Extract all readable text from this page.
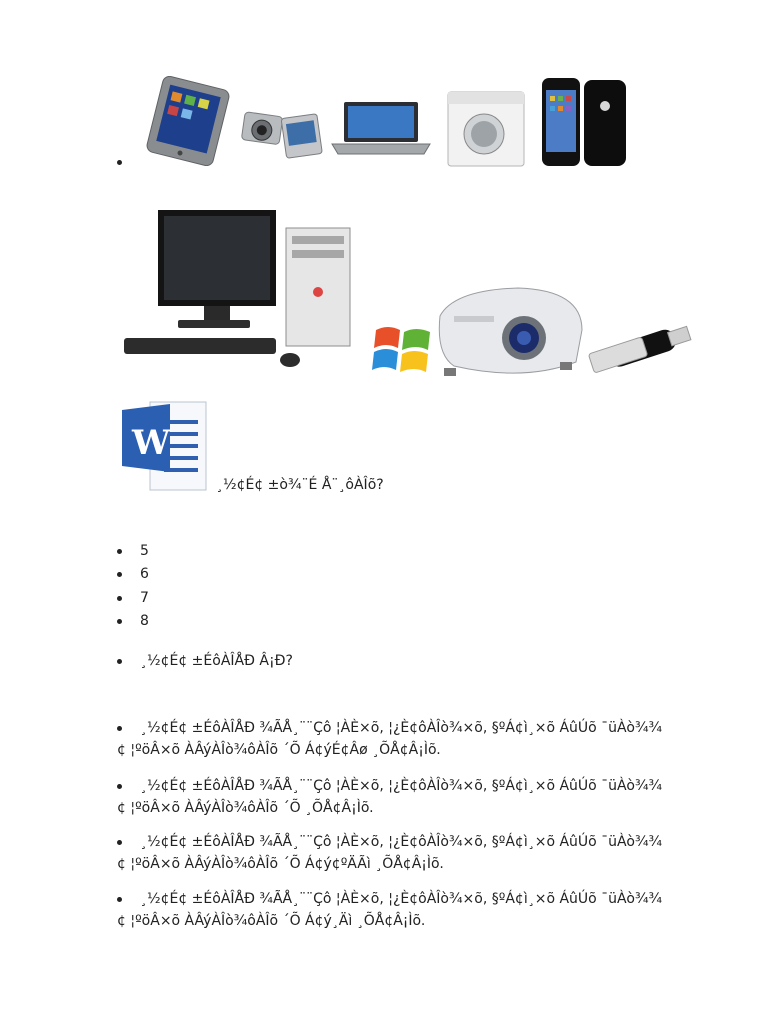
W
¸½¢É¢ ±ò¾¨É Å¨¸ôÀÎõ?
5
6
7
8
¸½¢É¢ ±ÉôÀÎÅÐ Â¡Ð?
¸½¢É¢ ±ÉôÀÎÅÐ ¾ÃÅ¸¨¨Çô ¦ÀÈ×õ, ¦¿È¢ôÀÎò¾×õ, §ºÁ¢ì¸×õ ÁûÚõ ¯üÀò¾¾
¢ ¦ºöÂ×õ ÀÂýÀÎò¾ôÀÎõ ´Õ Á¢ýÉ¢Âø ¸ÕÅ¢Â¡Ìõ.
¸½¢É¢ ±ÉôÀÎÅÐ ¾ÃÅ¸¨¨Çô ¦ÀÈ×õ, ¦¿È¢ôÀÎò¾×õ, §ºÁ¢ì¸×õ ÁûÚõ ¯üÀò¾¾
¢ ¦ºöÂ×õ ÀÂýÀÎò¾ôÀÎõ ´Õ ¸ÕÅ¢Â¡Ìõ.
¸½¢É¢ ±ÉôÀÎÅÐ ¾ÃÅ¸¨¨Çô ¦ÀÈ×õ, ¦¿È¢ôÀÎò¾×õ, §ºÁ¢ì¸×õ ÁûÚõ ¯üÀò¾¾
¢ ¦ºöÂ×õ ÀÂýÀÎò¾ôÀÎõ ´Õ Á¢ý¢ºÄÃì ¸ÕÅ¢Â¡Ìõ.
¸½¢É¢ ±ÉôÀÎÅÐ ¾ÃÅ¸¨¨Çô ¦ÀÈ×õ, ¦¿È¢ôÀÎò¾×õ, §ºÁ¢ì¸×õ ÁûÚõ ¯üÀò¾¾
¢ ¦ºöÂ×õ ÀÂýÀÎò¾ôÀÎõ ´Õ Á¢ý¸Äì ¸ÕÅ¢Â¡Ìõ.
